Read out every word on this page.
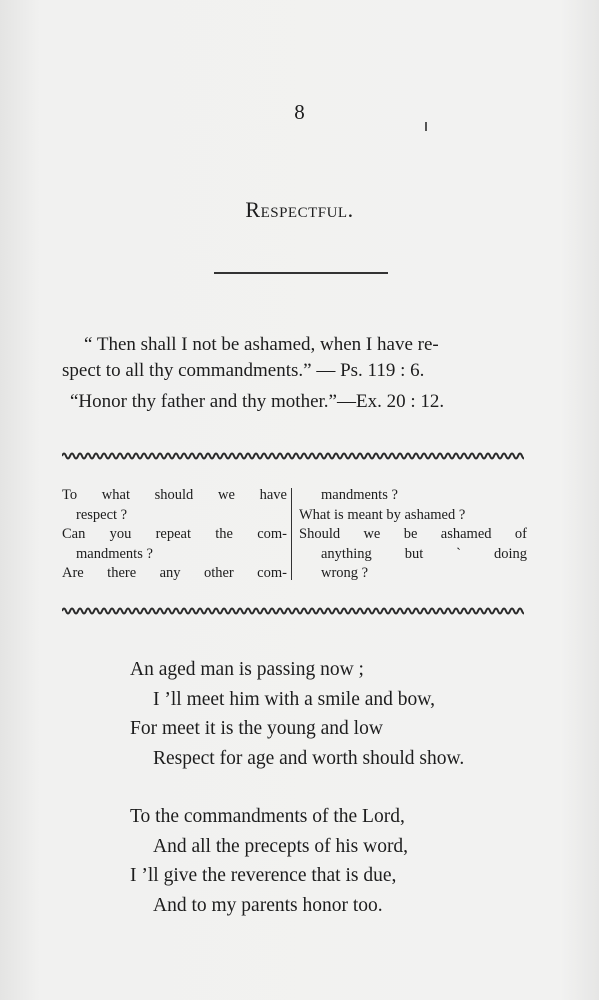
8
Respectful.
“ Then shall I not be ashamed, when I have re-
spect to all thy commandments.” — Ps. 119 : 6.
“Honor thy father and thy mother.”—Ex. 20 : 12.
To what should we have
respect ?
Can you repeat the com-
mandments ?
Are there any other com-
mandments ?
What is meant by ashamed ?
Should we be ashamed of
anything but ` doing
wrong ?
An aged man is passing now ;
I ’ll meet him with a smile and bow,
For meet it is the young and low
Respect for age and worth should show.
To the commandments of the Lord,
And all the precepts of his word,
I ’ll give the reverence that is due,
And to my parents honor too.
